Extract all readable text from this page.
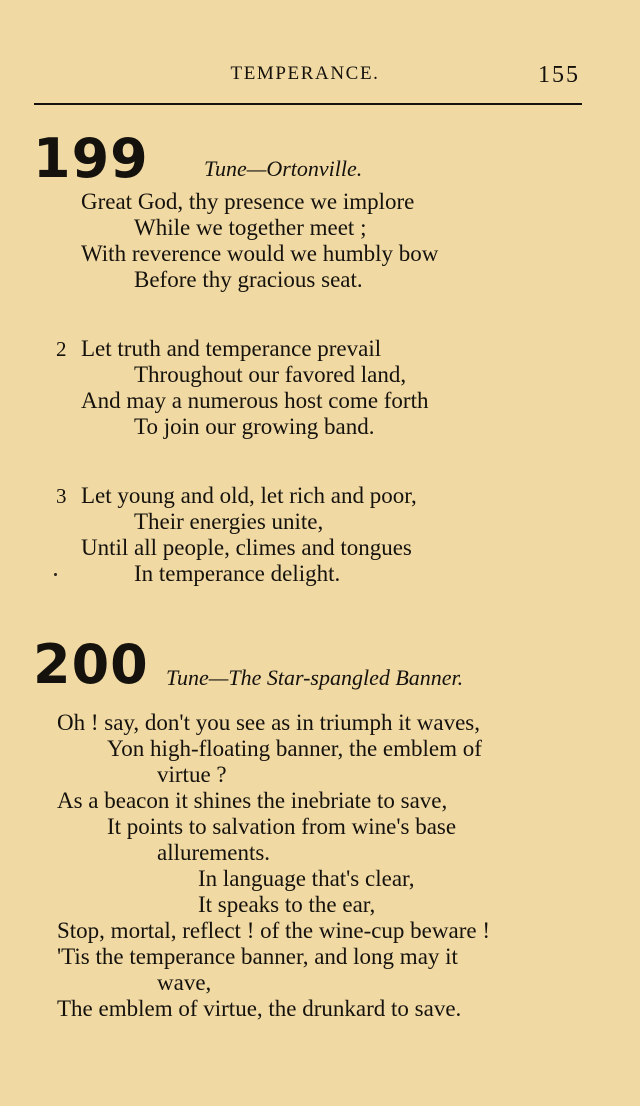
TEMPERANCE.	155
199	Tune—Ortonville.
Great God, thy presence we implore
While we together meet ;
With reverence would we humbly bow
Before thy gracious seat.
2 Let truth and temperance prevail
Throughout our favored land,
And may a numerous host come forth
To join our growing band.
3 Let young and old, let rich and poor,
Their energies unite,
Until all people, climes and tongues
In temperance delight.
200 Tune—The Star-spangled Banner.
Oh ! say, don't you see as in triumph it waves,
Yon high-floating banner, the emblem of
virtue ?
As a beacon it shines the inebriate to save,
It points to salvation from wine's base
allurements.
In language that's clear,
It speaks to the ear,
Stop, mortal, reflect ! of the wine-cup beware !
'Tis the temperance banner, and long may it
wave,
The emblem of virtue, the drunkard to save.
